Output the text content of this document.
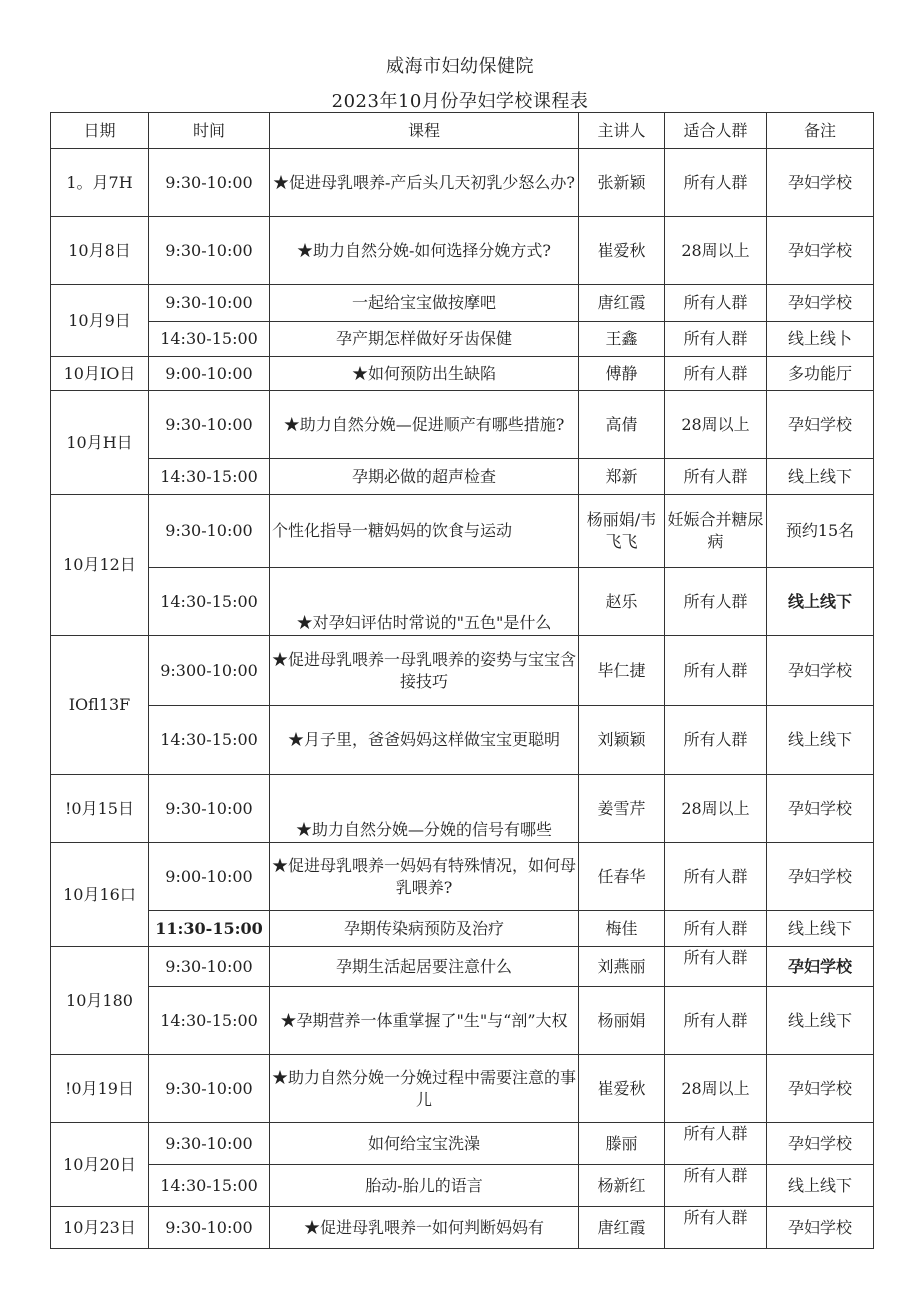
威海市妇幼保健院
2023年10月份孕妇学校课程表
日期	时间	课程	主讲人	适合人群	备注
1。月7H	9:30-10:00	★促进母乳喂养-产后头几天初乳少怒么办?	张新颖	所有人群	孕妇学校
10月8日	9:30-10:00	★助力自然分娩-如何选择分娩方式?	崔爱秋	28周以上	孕妇学校
10月9日	9:30-10:00	一起给宝宝做按摩吧	唐红霞	所有人群	孕妇学校
	14:30-15:00	孕产期怎样做好牙齿保健	王鑫	所有人群	线上线卜
10月IO日	9:00-10:00	★如何预防出生缺陷	傅静	所有人群	多功能厅
10月H日	9:30-10:00	★助力自然分娩—促进顺产有哪些措施?	高倩	28周以上	孕妇学校
	14:30-15:00	孕期必做的超声检查	郑新	所有人群	线上线下
10月12日	9:30-10:00	个性化指导一糖妈妈的饮食与运动	杨丽娟/韦飞飞	妊娠合并糖尿病	预约15名
	14:30-15:00	★对孕妇评估时常说的"五色"是什么	赵乐	所有人群	线上线下
IOfl13F	9:300-10:00	★促进母乳喂养一母乳喂养的姿势与宝宝含接技巧	毕仁捷	所有人群	孕妇学校
	14:30-15:00	★月子里，爸爸妈妈这样做宝宝更聪明	刘颖颖	所有人群	线上线下
!0月15日	9:30-10:00	★助力自然分娩—分娩的信号有哪些	姜雪芹	28周以上	孕妇学校
10月16口	9:00-10:00	★促进母乳喂养一妈妈有特殊情况，如何母乳喂养?	任春华	所有人群	孕妇学校
	11:30-15:00	孕期传染病预防及治疗	梅佳	所有人群	线上线下
10月180	9:30-10:00	孕期生活起居要注意什么	刘燕丽	所有人群	孕妇学校
	14:30-15:00	★孕期营养一体重掌握了"生"与“剖”大权	杨丽娟	所有人群	线上线下
!0月19日	9:30-10:00	★助力自然分娩一分娩过程中需要注意的事儿	崔爱秋	28周以上	孕妇学校
10月20日	9:30-10:00	如何给宝宝洗澡	滕丽	所有人群	孕妇学校
	14:30-15:00	胎动-胎儿的语言	杨新红	所有人群	线上线下
10月23日	9:30-10:00	★促进母乳喂养一如何判断妈妈有	唐红霞	所有人群	孕妇学校
